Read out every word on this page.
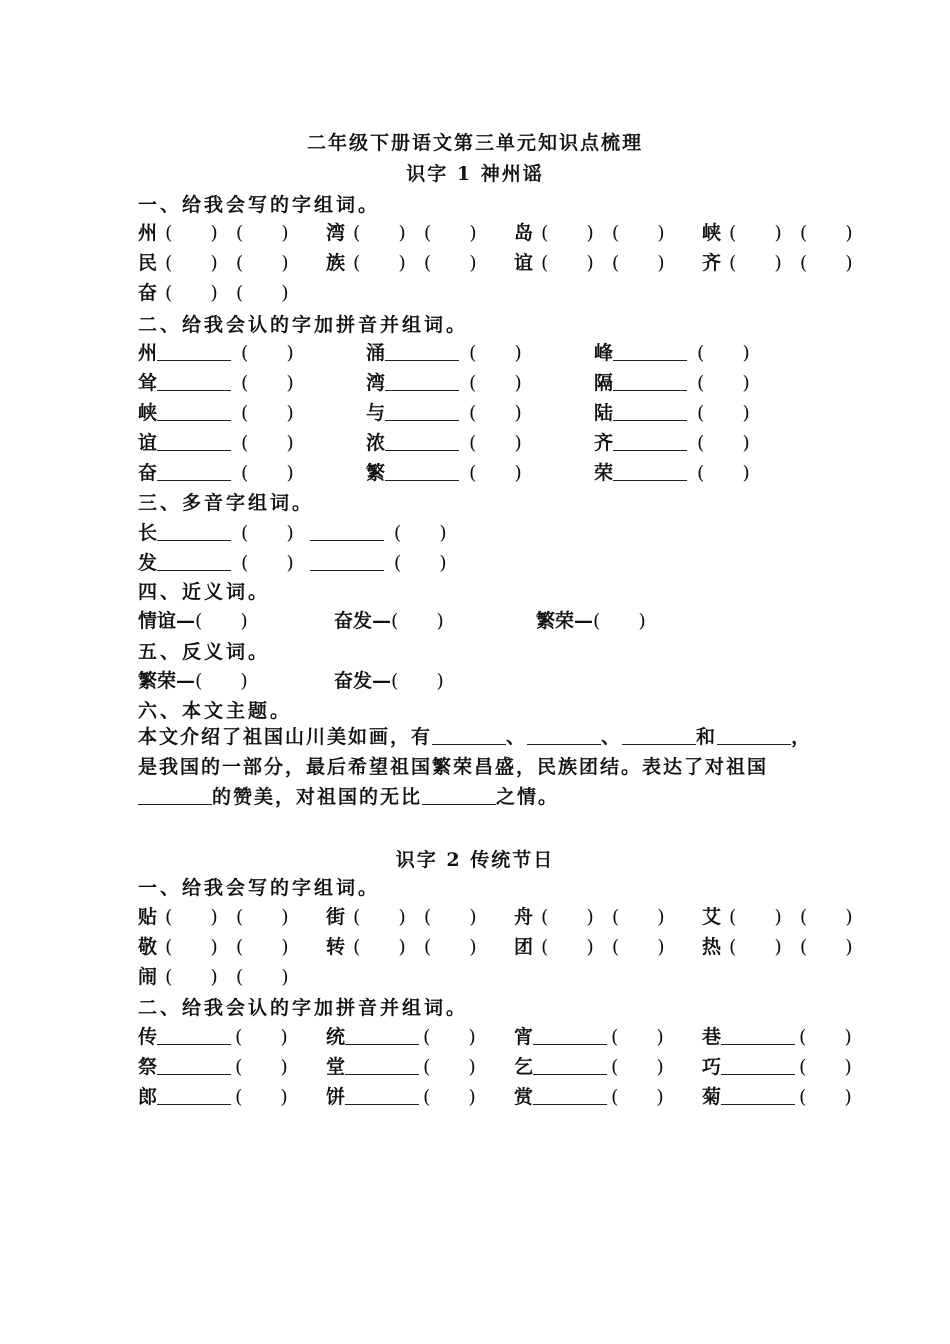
二年级下册语文第三单元知识点梳理
识字 1 神州谣
一、给我会写的字组词。
州 (　　) (　　) 湾 (　　) (　　) 岛 (　　) (　　) 峡 (　　) (　　)
民 (　　) (　　) 族 (　　) (　　) 谊 (　　) (　　) 齐 (　　) (　　)
奋 (　　) (　　)
二、给我会认的字加拼音并组词。
州	(　　)	涌	(　　)	峰	(　　)
耸	(　　)	湾	(　　)	隔	(　　)
峡	(　　)	与	(　　)	陆	(　　)
谊	(　　)	浓	(　　)	齐	(　　)
奋	(　　)	繁	(　　)	荣	(　　)
三、多音字组词。
长	(　　)	(　　)
发	(　　)	(　　)
四、近义词。
情谊—(　　)	奋发—(　　)	繁荣—(　　)
五、反义词。
繁荣—(　　)	奋发—(　　)
六、本文主题。
本文介绍了祖国山川美如画，有	、	、	和	，
是我国的一部分，最后希望祖国繁荣昌盛，民族团结。表达了对祖国
的赞美，对祖国的无比	之情。
识字 2 传统节日
一、给我会写的字组词。
贴 (　　) (　　) 街 (　　) (　　) 舟 (　　) (　　) 艾 (　　) (　　)
敬 (　　) (　　) 转 (　　) (　　) 团 (　　) (　　) 热 (　　) (　　)
闹 (　　) (　　)
二、给我会认的字加拼音并组词。
传	(　　) 统	(　　) 宵	(　　) 巷	(　　)
祭	(　　) 堂	(　　) 乞	(　　) 巧	(　　)
郎	(　　) 饼	(　　) 赏	(　　) 菊	(　　)
